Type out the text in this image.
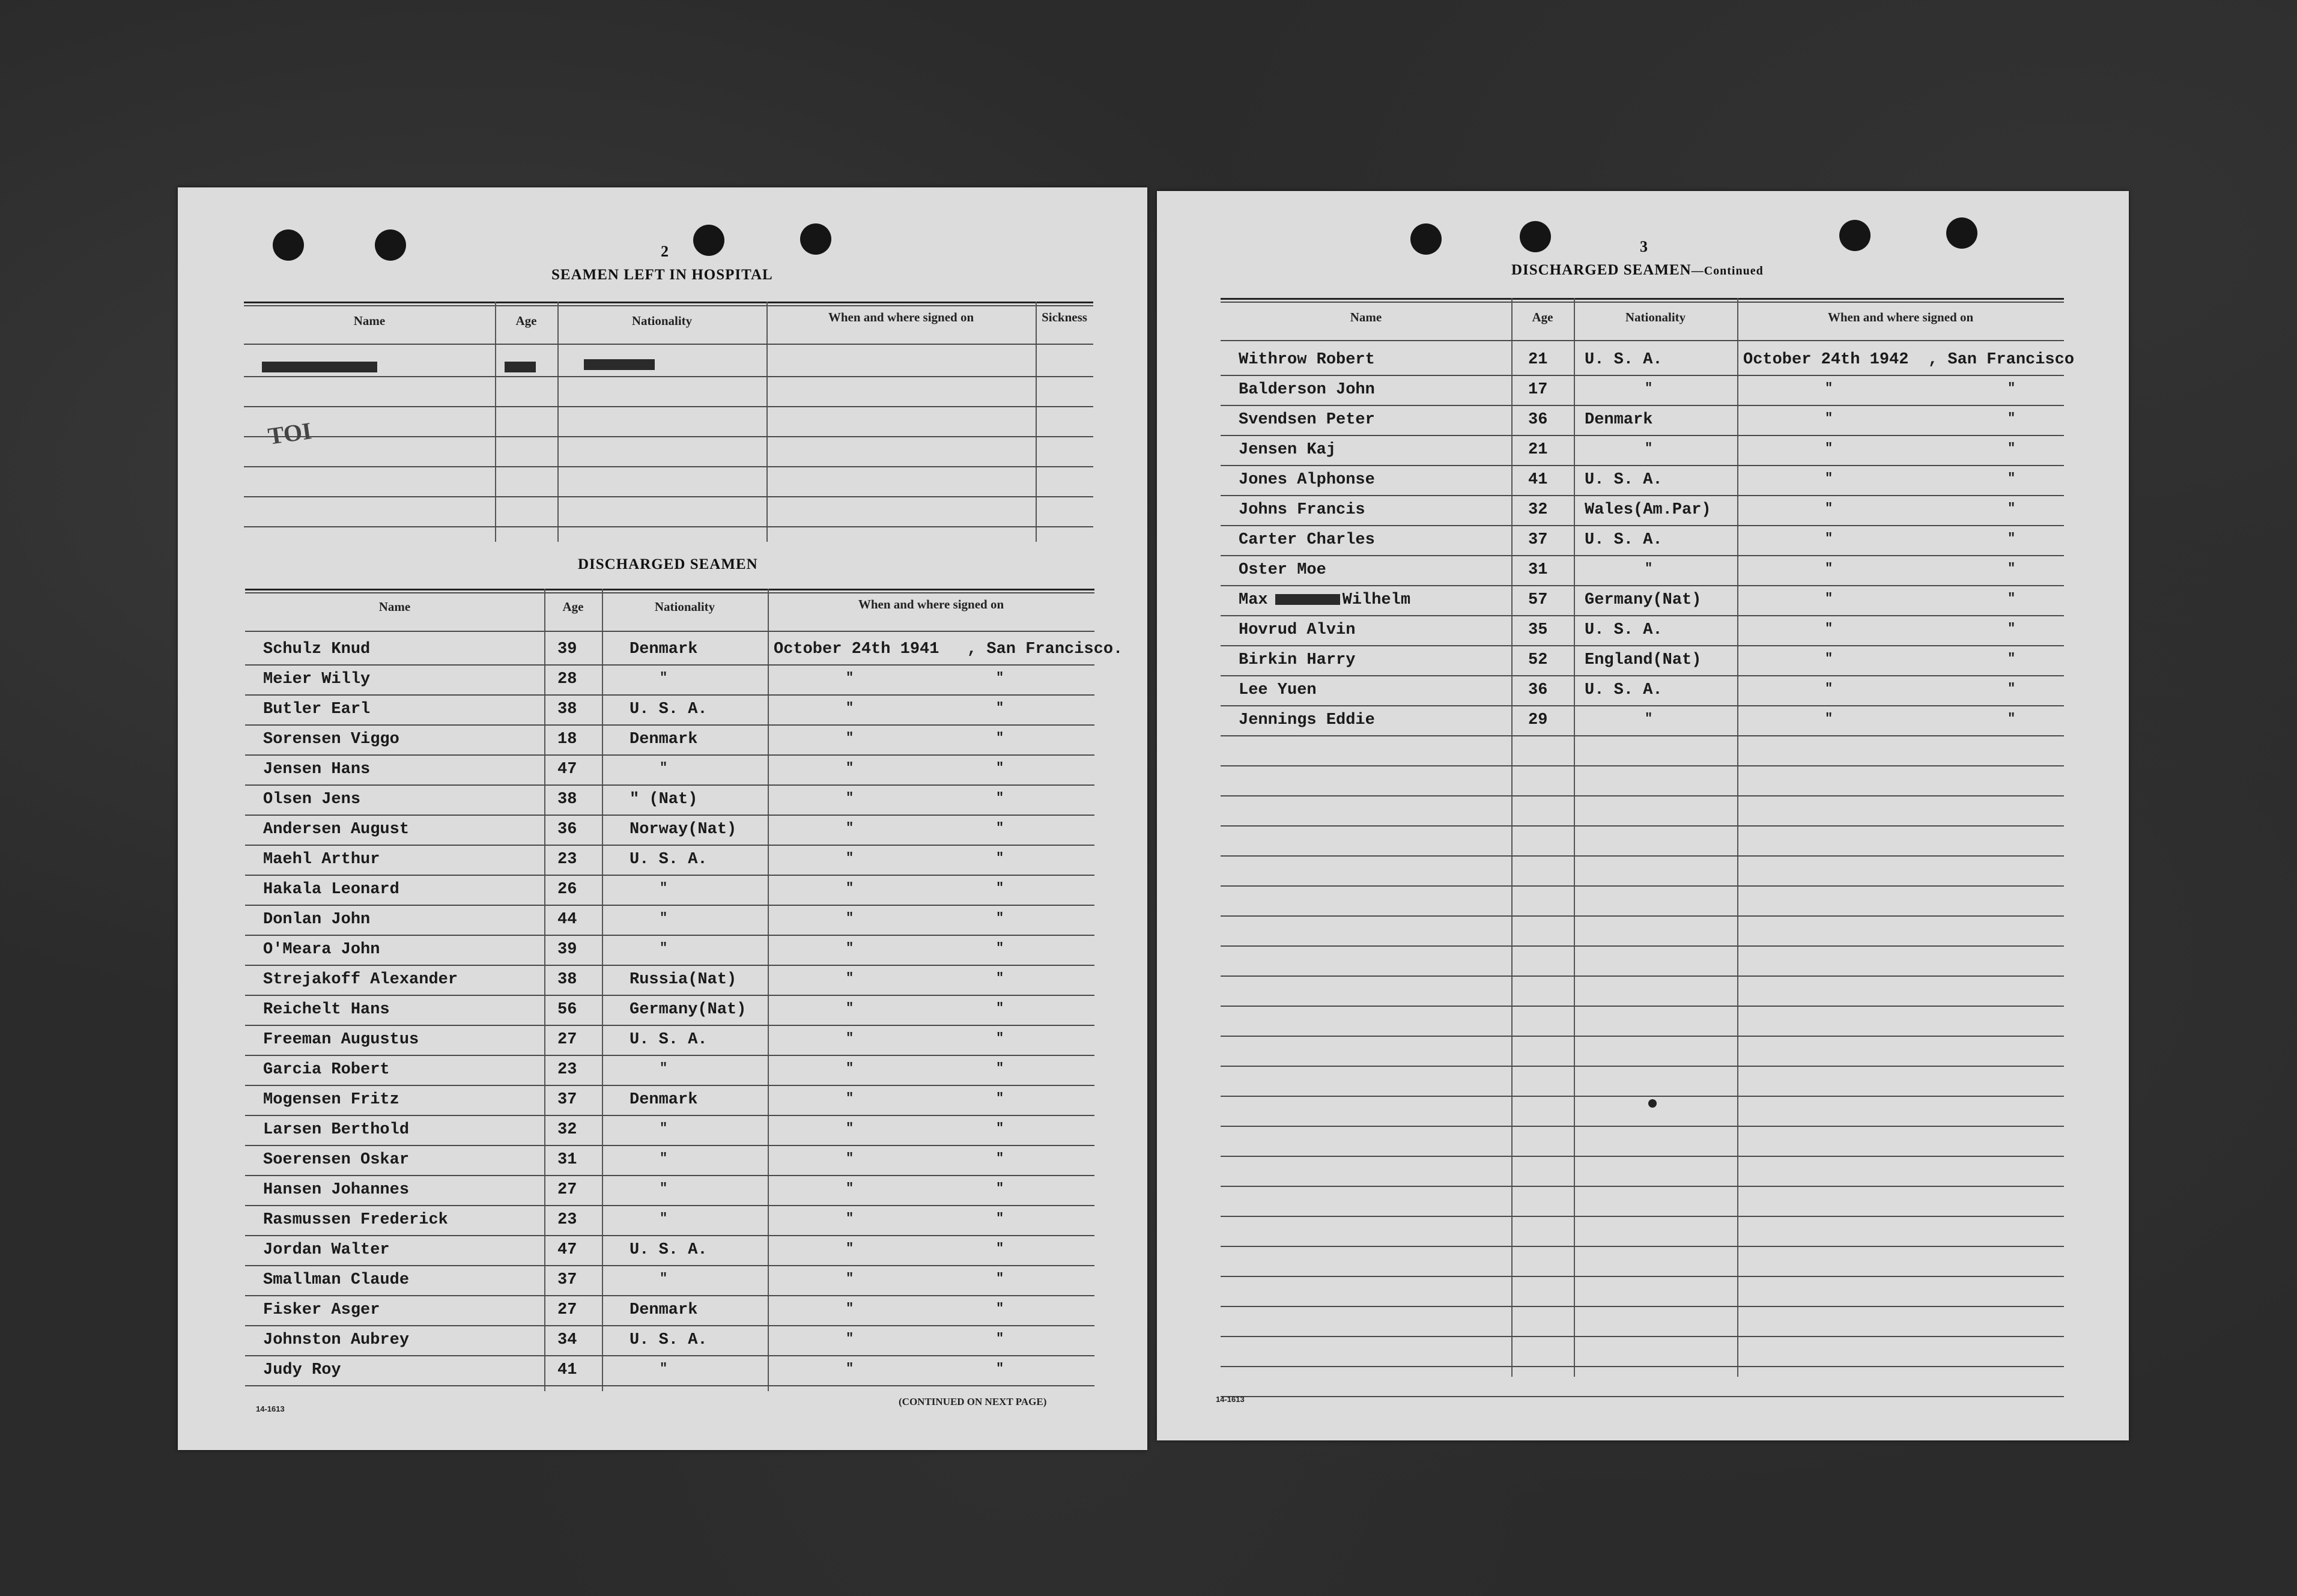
2
SEAMEN LEFT IN HOSPITAL
Name	Age	Nationality	When and where signed on	Sickness
TOI
DISCHARGED SEAMEN
Name	Age	Nationality	When and where signed on
Schulz Knud	39	Denmark	October 24th 1941 , San Francisco.
Meier Willy	28	"	"	"
Butler Earl	38	U. S. A.	"	"
Sorensen Viggo	18	Denmark	"	"
Jensen Hans	47	"	"	"
Olsen Jens	38	" (Nat)	"	"
Andersen August	36	Norway(Nat)	"	"
Maehl Arthur	23	U. S. A.	"	"
Hakala Leonard	26	"	"	"
Donlan John	44	"	"	"
O'Meara John	39	"	"	"
Strejakoff Alexander	38	Russia(Nat)	"	"
Reichelt Hans	56	Germany(Nat)	"	"
Freeman Augustus	27	U. S. A.	"	"
Garcia Robert	23	"	"	"
Mogensen Fritz	37	Denmark	"	"
Larsen Berthold	32	"	"	"
Soerensen Oskar	31	"	"	"
Hansen Johannes	27	"	"	"
Rasmussen Frederick	23	"	"	"
Jordan Walter	47	U. S. A.	"	"
Smallman Claude	37	"	"	"
Fisker Asger	27	Denmark	"	"
Johnston Aubrey	34	U. S. A.	"	"
Judy Roy	41	"	"	"
14-1613
(CONTINUED ON NEXT PAGE)
3
DISCHARGED SEAMEN—Continued
Name	Age	Nationality	When and where signed on
Withrow Robert	21 U. S. A.	October 24th 1942 , San Francisco
Balderson John	17	"	"	"
Svendsen Peter	36 Denmark	"	"
Jensen Kaj	21	"	"	"
Jones Alphonse	41 U. S. A.	"	"
Johns Francis	32 Wales(Am.Par)	"	"
Carter Charles	37 U. S. A.	"	"
Oster Moe	31	"	"	"
Max	Wilhelm	57 Germany(Nat)	"	"
Hovrud Alvin	35 U. S. A.	"	"
Birkin Harry	52 England(Nat)	"	"
Lee Yuen	36 U. S. A.	"	"
Jennings Eddie	29	"	"	"
14-1613
